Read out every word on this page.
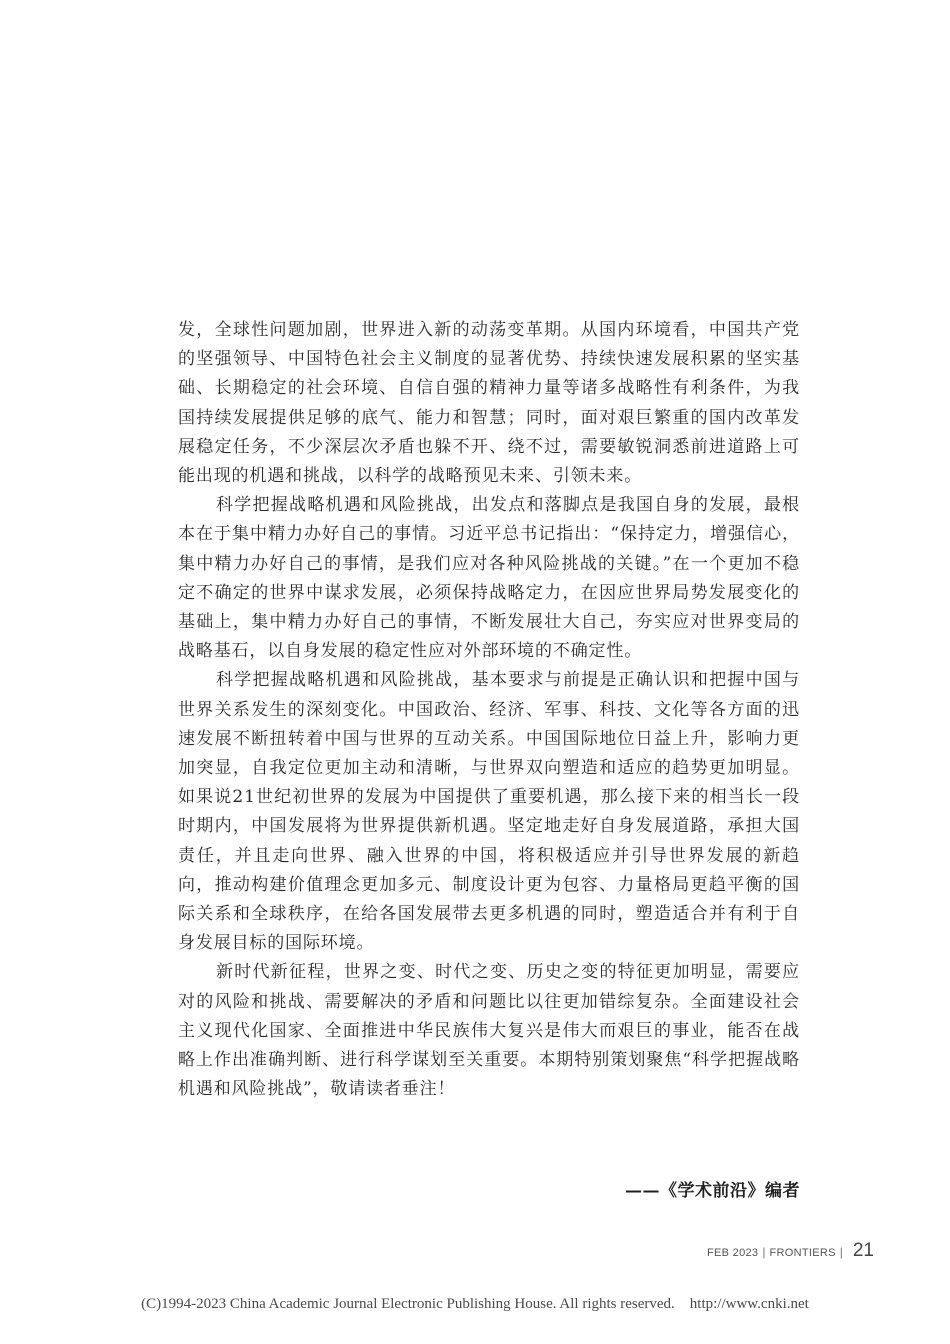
发，全球性问题加剧，世界进入新的动荡变革期。从国内环境看，中国共产党的坚强领导、中国特色社会主义制度的显著优势、持续快速发展积累的坚实基础、长期稳定的社会环境、自信自强的精神力量等诸多战略性有利条件，为我国持续发展提供足够的底气、能力和智慧；同时，面对艰巨繁重的国内改革发展稳定任务，不少深层次矛盾也躲不开、绕不过，需要敏锐洞悉前进道路上可能出现的机遇和挑战，以科学的战略预见未来、引领未来。

科学把握战略机遇和风险挑战，出发点和落脚点是我国自身的发展，最根本在于集中精力办好自己的事情。习近平总书记指出：“保持定力，增强信心，集中精力办好自己的事情，是我们应对各种风险挑战的关键。”在一个更加不稳定不确定的世界中谋求发展，必须保持战略定力，在因应世界局势发展变化的基础上，集中精力办好自己的事情，不断发展壮大自己，夯实应对世界变局的战略基石，以自身发展的稳定性应对外部环境的不确定性。

科学把握战略机遇和风险挑战，基本要求与前提是正确认识和把握中国与世界关系发生的深刻变化。中国政治、经济、军事、科技、文化等各方面的迅速发展不断扭转着中国与世界的互动关系。中国国际地位日益上升，影响力更加突显，自我定位更加主动和清晰，与世界双向塑造和适应的趋势更加明显。如果说21世纪初世界的发展为中国提供了重要机遇，那么接下来的相当长一段时期内，中国发展将为世界提供新机遇。坚定地走好自身发展道路，承担大国责任，并且走向世界、融入世界的中国，将积极适应并引导世界发展的新趋向，推动构建价值理念更加多元、制度设计更为包容、力量格局更趋平衡的国际关系和全球秩序，在给各国发展带去更多机遇的同时，塑造适合并有利于自身发展目标的国际环境。

新时代新征程，世界之变、时代之变、历史之变的特征更加明显，需要应对的风险和挑战、需要解决的矛盾和问题比以往更加错综复杂。全面建设社会主义现代化国家、全面推进中华民族伟大复兴是伟大而艰巨的事业，能否在战略上作出准确判断、进行科学谋划至关重要。本期特别策划聚焦“科学把握战略机遇和风险挑战”，敬请读者垂注！

——《学术前沿》编者
FEB 2023 | FRONTIERS | 21
(C)1994-2023 China Academic Journal Electronic Publishing House. All rights reserved.    http://www.cnki.net
